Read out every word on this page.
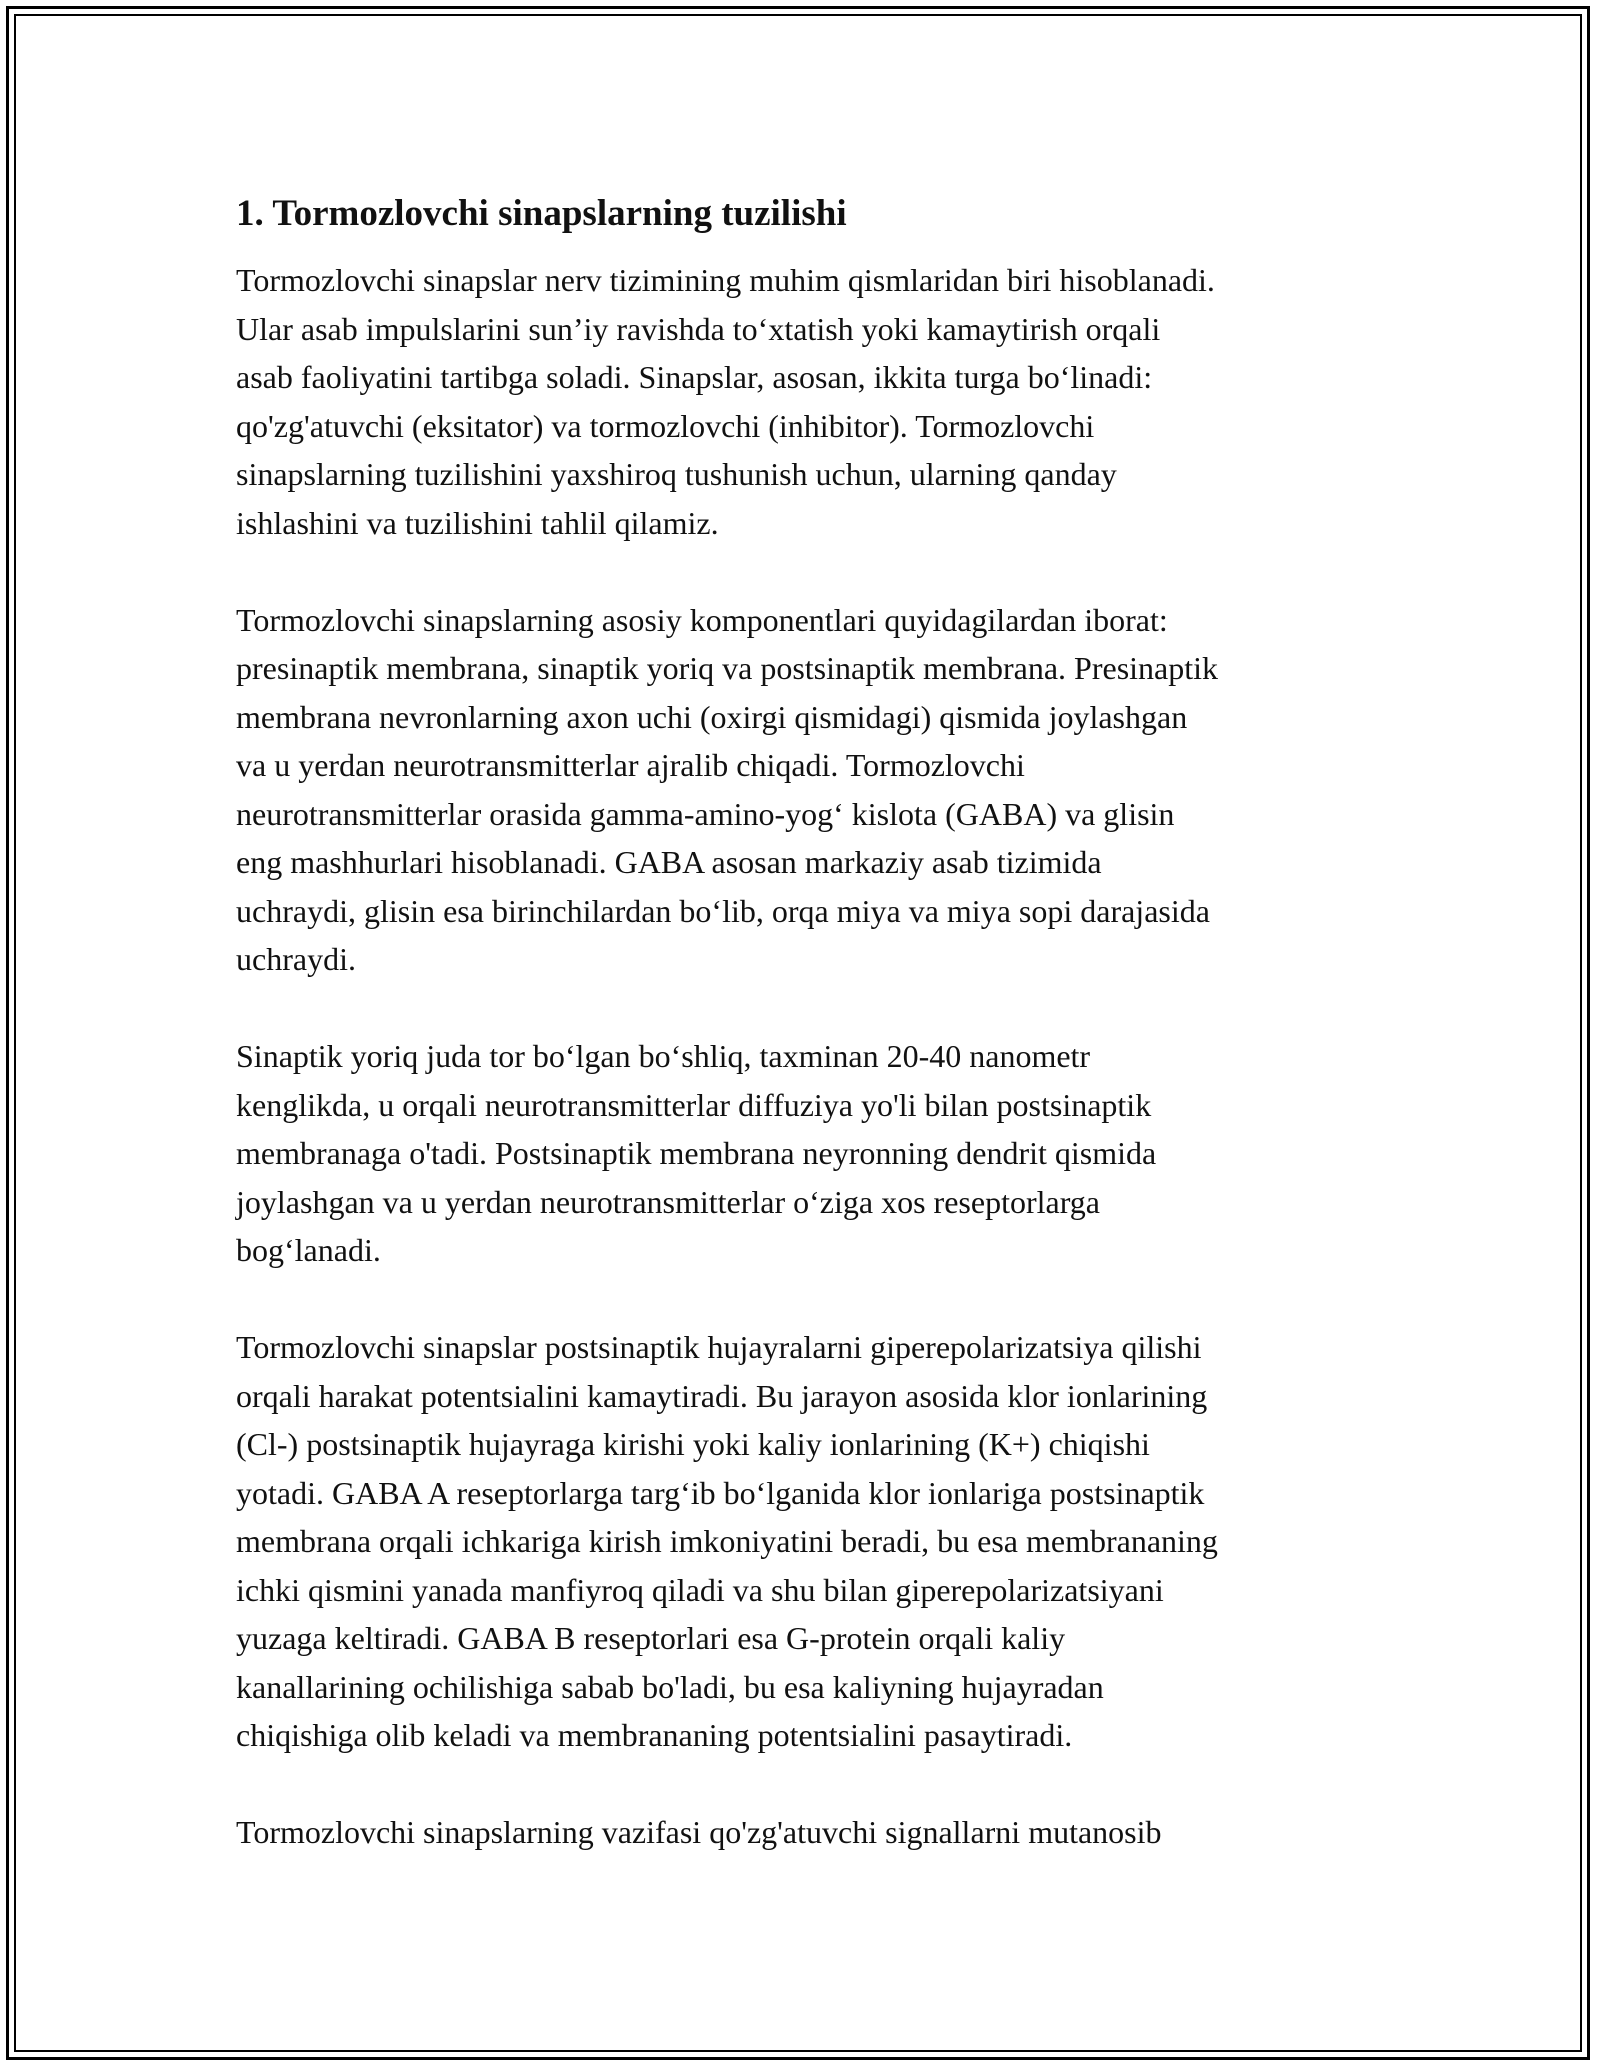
1. Tormozlovchi sinapslarning tuzilishi

Tormozlovchi sinapslar nerv tizimining muhim qismlaridan biri hisoblanadi.
Ular asab impulslarini sun’iy ravishda to‘xtatish yoki kamaytirish orqali
asab faoliyatini tartibga soladi. Sinapslar, asosan, ikkita turga bo‘linadi:
qo'zg'atuvchi (eksitator) va tormozlovchi (inhibitor). Tormozlovchi
sinapslarning tuzilishini yaxshiroq tushunish uchun, ularning qanday
ishlashini va tuzilishini tahlil qilamiz.

Tormozlovchi sinapslarning asosiy komponentlari quyidagilardan iborat:
presinaptik membrana, sinaptik yoriq va postsinaptik membrana. Presinaptik
membrana nevronlarning axon uchi (oxirgi qismidagi) qismida joylashgan
va u yerdan neurotransmitterlar ajralib chiqadi. Tormozlovchi
neurotransmitterlar orasida gamma-amino-yog‘ kislota (GABA) va glisin
eng mashhurlari hisoblanadi. GABA asosan markaziy asab tizimida
uchraydi, glisin esa birinchilardan bo‘lib, orqa miya va miya sopi darajasida
uchraydi.

Sinaptik yoriq juda tor bo‘lgan bo‘shliq, taxminan 20-40 nanometr
kenglikda, u orqali neurotransmitterlar diffuziya yo'li bilan postsinaptik
membranaga o'tadi. Postsinaptik membrana neyronning dendrit qismida
joylashgan va u yerdan neurotransmitterlar o‘ziga xos reseptorlarga
bog‘lanadi.

Tormozlovchi sinapslar postsinaptik hujayralarni giperepolarizatsiya qilishi
orqali harakat potentsialini kamaytiradi. Bu jarayon asosida klor ionlarining
(Cl-) postsinaptik hujayraga kirishi yoki kaliy ionlarining (K+) chiqishi
yotadi. GABA A reseptorlarga targ‘ib bo‘lganida klor ionlariga postsinaptik
membrana orqali ichkariga kirish imkoniyatini beradi, bu esa membrananing
ichki qismini yanada manfiyroq qiladi va shu bilan giperepolarizatsiyani
yuzaga keltiradi. GABA B reseptorlari esa G-protein orqali kaliy
kanallarining ochilishiga sabab bo'ladi, bu esa kaliyning hujayradan
chiqishiga olib keladi va membrananing potentsialini pasaytiradi.

Tormozlovchi sinapslarning vazifasi qo'zg'atuvchi signallarni mutanosib
